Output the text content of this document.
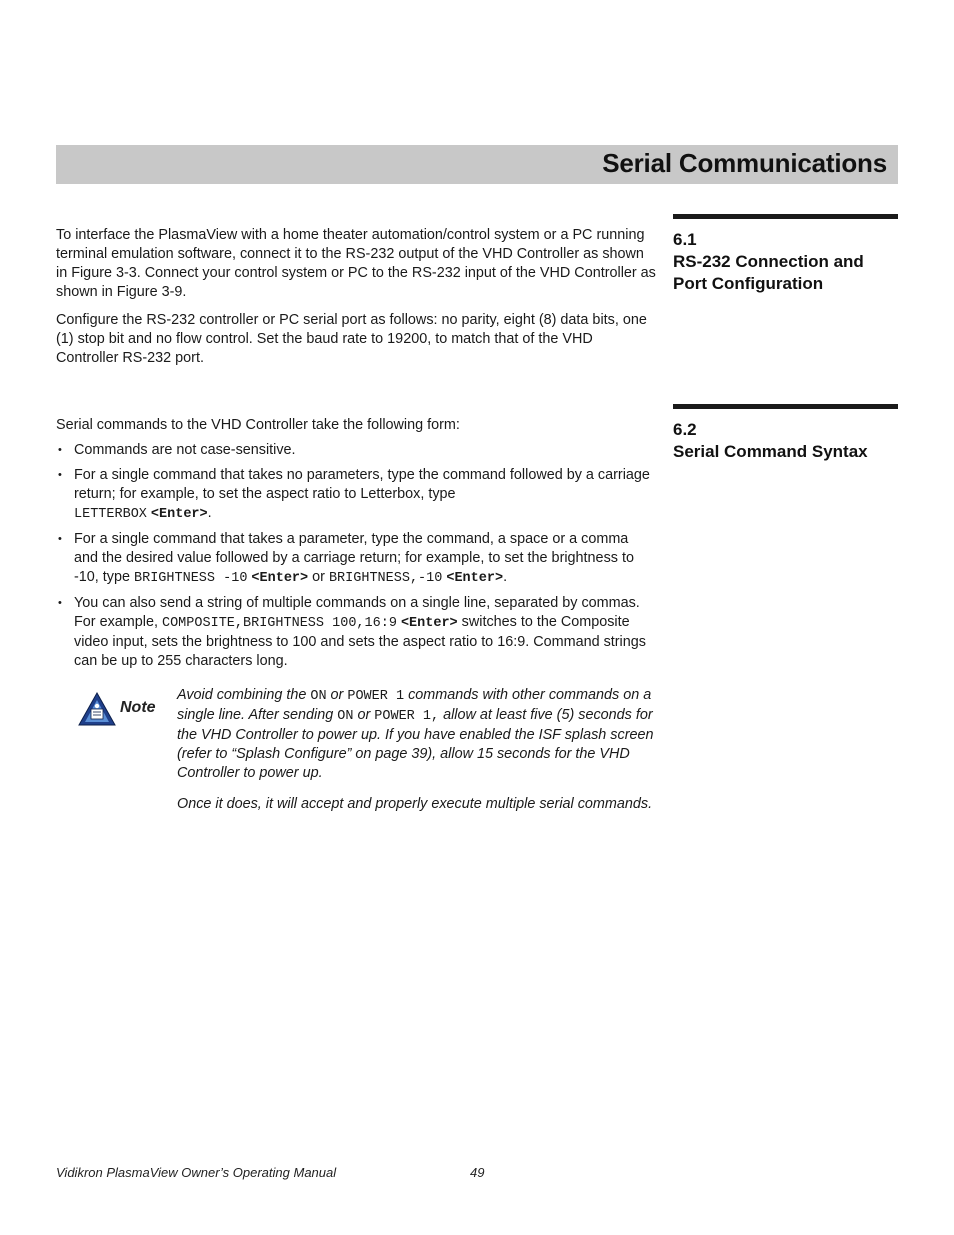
Serial Communications
6.1
RS-232 Connection and
Port Configuration

To interface the PlasmaView with a home theater automation/control system or a PC running terminal emulation software, connect it to the RS-232 output of the VHD Controller as shown in Figure 3-3. Connect your control system or PC to the RS-232 input of the VHD Controller as shown in Figure 3-9.

Configure the RS-232 controller or PC serial port as follows: no parity, eight (8) data bits, one (1) stop bit and no flow control. Set the baud rate to 19200, to match that of the VHD Controller RS-232 port.

6.2
Serial Command Syntax

Serial commands to the VHD Controller take the following form:

• Commands are not case-sensitive.
• For a single command that takes no parameters, type the command followed by a carriage return; for example, to set the aspect ratio to Letterbox, type
LETTERBOX <Enter>.
• For a single command that takes a parameter, type the command, a space or a comma and the desired value followed by a carriage return; for example, to set the brightness to -10, type BRIGHTNESS -10 <Enter> or BRIGHTNESS,-10 <Enter>.
• You can also send a string of multiple commands on a single line, separated by commas. For example, COMPOSITE,BRIGHTNESS 100,16:9 <Enter> switches to the Composite video input, sets the brightness to 100 and sets the aspect ratio to 16:9. Command strings can be up to 255 characters long.
Note

Avoid combining the ON or POWER 1 commands with other commands on a single line. After sending ON or POWER 1, allow at least five (5) seconds for the VHD Controller to power up. If you have enabled the ISF splash screen (refer to “Splash Configure” on page 39), allow 15 seconds for the VHD Controller to power up.

Once it does, it will accept and properly execute multiple serial commands.

Vidikron PlasmaView Owner’s Operating Manual	49
